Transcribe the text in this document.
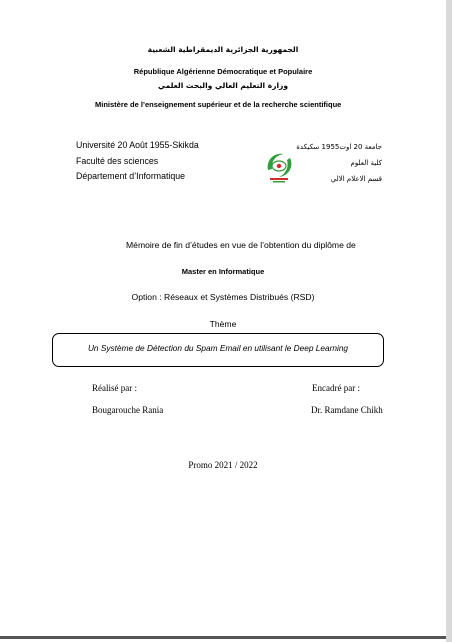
الجمهورية الجزائرية الديمقراطية الشعبية
République Algérienne Démocratique et Populaire
وزارة التعليم العالي والبحث العلمي
Ministère de l’enseignement supérieur et de la recherche scientifique
Université 20 Août 1955-Skikda
Faculté des sciences
Département d’Informatique
جامعة 20 اوت1955 سكيكدة
كلية العلوم
قسم الاعلام الالي
Mémoire de fin d’études en vue de l’obtention du diplôme de
Master en Informatique
Option : Réseaux et Systèmes Distribués (RSD)
Thème
Un Système de Détection du Spam Email en utilisant le Deep Learning
Réalisé par :	Encadré par :
Bougarouche Rania	Dr. Ramdane Chikh
Promo 2021 / 2022
